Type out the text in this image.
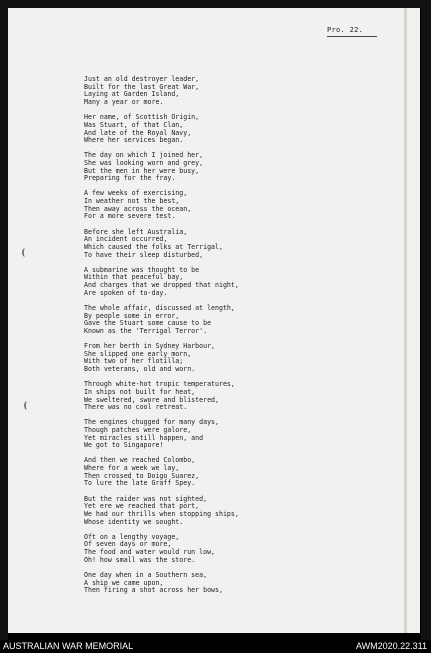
Pro. 22.
Just an old destroyer leader,
Built for the last Great War,
Laying at Garden Island,
Many a year or more.
Her name, of Scottish Origin,
Was Stuart, of that Clan,
And late of the Royal Navy,
Where her services began.
The day on which I joined her,
She was looking worn and grey,
But the men in her were busy,
Preparing for the fray.
A few weeks of exercising,
In weather not the best,
Then away across the ocean,
For a more severe test.
Before she left Australia,
An incident occurred,
Which caused the folks at Terrigal,
To have their sleep disturbed,
A submarine was thought to be
Within that peaceful bay,
And charges that we dropped that night,
Are spoken of to-day.
The whole affair, discussed at length,
By people some in error,
Gave the Stuart some cause to be
Known as the 'Terrigal Terror'.
From her berth in Sydney Harbour,
She slipped one early morn,
With two of her flotilla;
Both veterans, old and worn.
Through white-hot tropic temperatures,
In ships not built for heat,
We sweltered, swore and blistered,
There was no cool retreat.
The engines chugged for many days,
Though patches were galore,
Yet miracles still happen, and
We got to Singapore!
And then we reached Colombo,
Where for a week we lay,
Then crossed to Doigo Suarez,
To lure the late Graff Spey.
But the raider was not sighted,
Yet ere we reached that port,
We had our thrills when stopping ships,
Whose identity we sought.
Oft on a lengthy voyage,
Of seven days or more,
The food and water would run low,
Oh! how small was the store.
One day when in a Southern sea,
A ship we came upon,
Then firing a shot across her bows,
AUSTRALIAN WAR MEMORIAL	AWM2020.22.311
